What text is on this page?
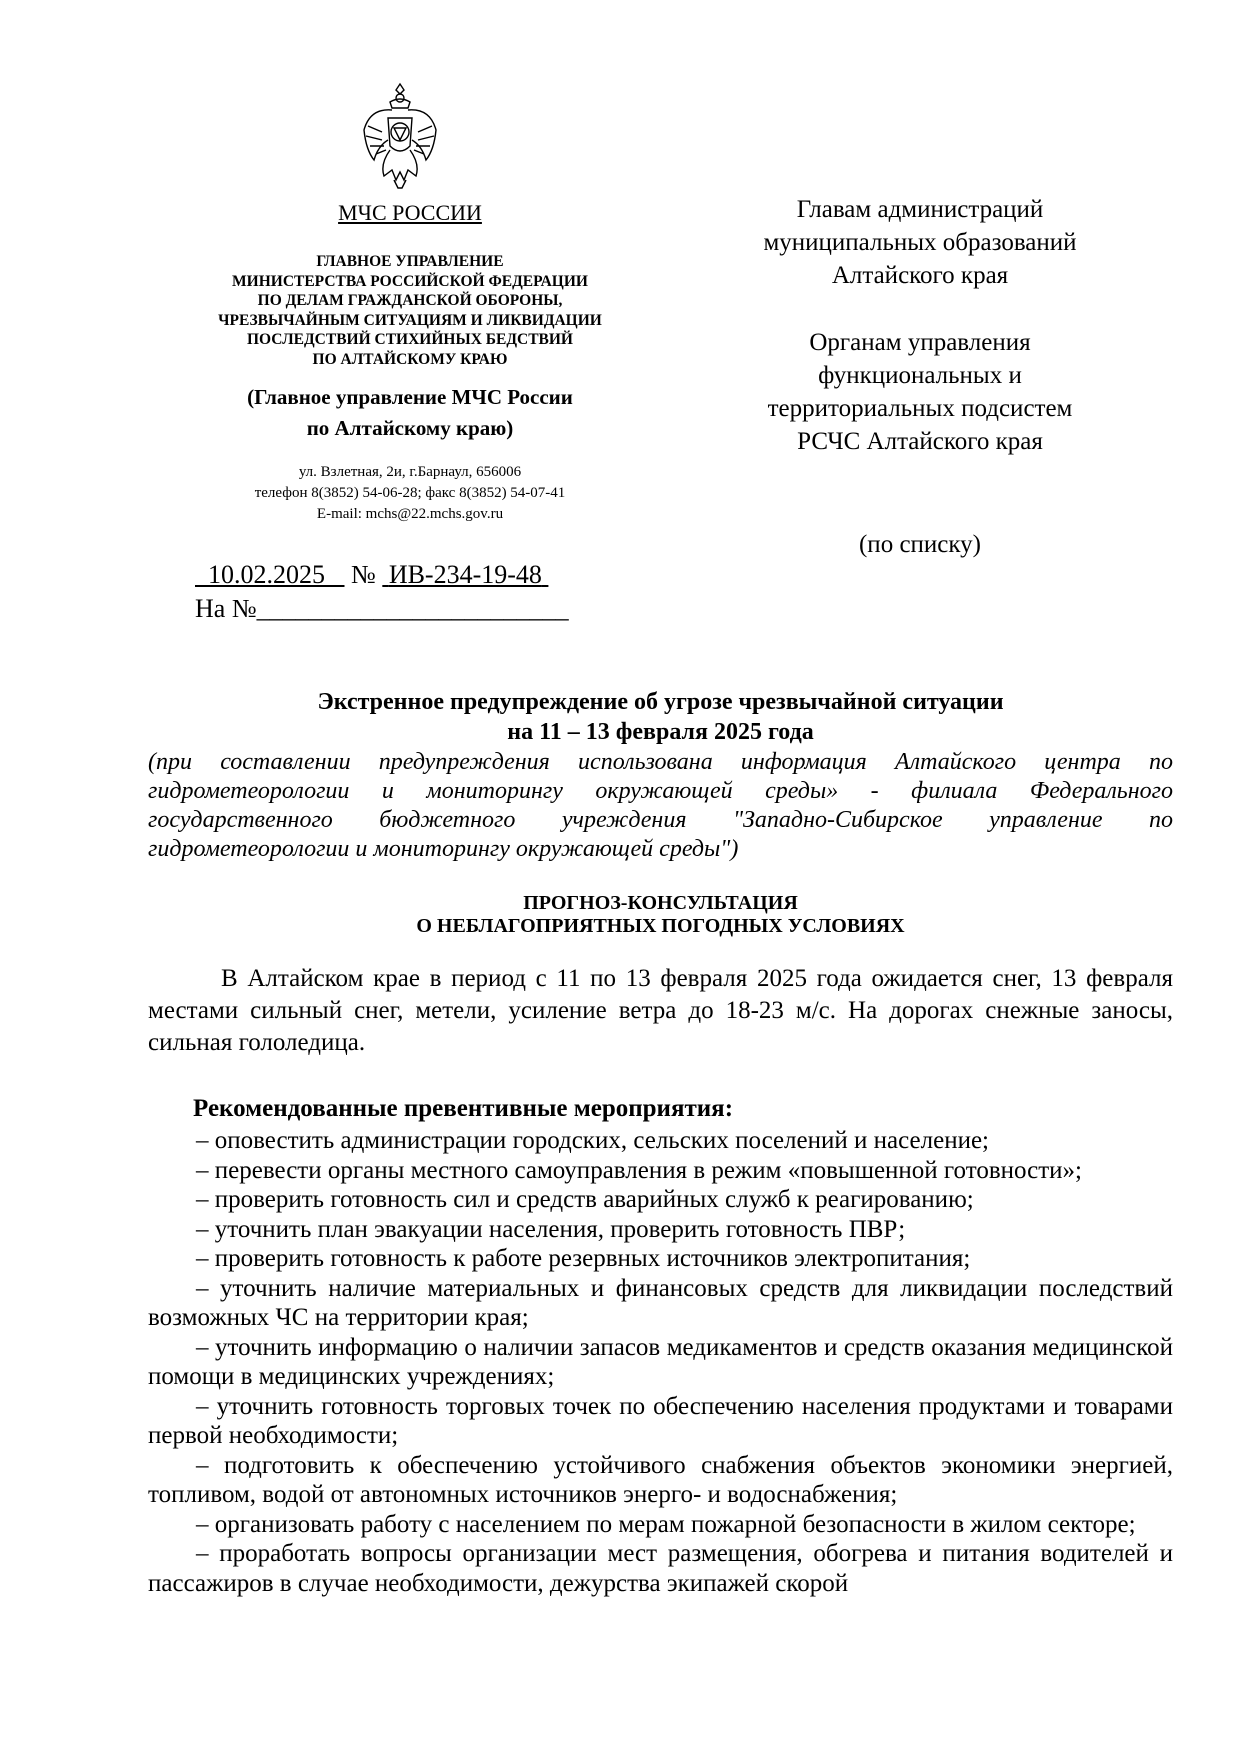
МЧС РОССИИ
ГЛАВНОЕ УПРАВЛЕНИЕ
МИНИСТЕРСТВА РОССИЙСКОЙ ФЕДЕРАЦИИ
ПО ДЕЛАМ ГРАЖДАНСКОЙ ОБОРОНЫ,
ЧРЕЗВЫЧАЙНЫМ СИТУАЦИЯМ И ЛИКВИДАЦИИ
ПОСЛЕДСТВИЙ СТИХИЙНЫХ БЕДСТВИЙ
ПО АЛТАЙСКОМУ КРАЮ
(Главное управление МЧС России
по Алтайскому краю)
ул. Взлетная, 2и, г.Барнаул, 656006
телефон 8(3852) 54-06-28; факс 8(3852) 54-07-41
E-mail: mchs@22.mchs.gov.ru
10.02.2025 № ИВ-234-19-48
На №________________________
Главам администраций
муниципальных образований
Алтайского края
Органам управления
функциональных и
территориальных подсистем
РСЧС Алтайского края
(по списку)
Экстренное предупреждение об угрозе чрезвычайной ситуации
на 11 – 13 февраля 2025 года
(при составлении предупреждения использована информация Алтайского центра по гидрометеорологии и мониторингу окружающей среды» - филиала Федерального государственного бюджетного учреждения "Западно-Сибирское управление по гидрометеорологии и мониторингу окружающей среды")
ПРОГНОЗ-КОНСУЛЬТАЦИЯ
О НЕБЛАГОПРИЯТНЫХ ПОГОДНЫХ УСЛОВИЯХ

В Алтайском крае в период с 11 по 13 февраля 2025 года ожидается снег, 13 февраля местами сильный снег, метели, усиление ветра до 18-23 м/с. На дорогах снежные заносы, сильная гололедица.

Рекомендованные превентивные мероприятия:
– оповестить администрации городских, сельских поселений и население;
– перевести органы местного самоуправления в режим «повышенной готовности»;
– проверить готовность сил и средств аварийных служб к реагированию;
– уточнить план эвакуации населения, проверить готовность ПВР;
– проверить готовность к работе резервных источников электропитания;
– уточнить наличие материальных и финансовых средств для ликвидации последствий возможных ЧС на территории края;
– уточнить информацию о наличии запасов медикаментов и средств оказания медицинской помощи в медицинских учреждениях;
– уточнить готовность торговых точек по обеспечению населения продуктами и товарами первой необходимости;
– подготовить к обеспечению устойчивого снабжения объектов экономики энергией, топливом, водой от автономных источников энерго- и водоснабжения;
– организовать работу с населением по мерам пожарной безопасности в жилом секторе;
– проработать вопросы организации мест размещения, обогрева и питания водителей и пассажиров в случае необходимости, дежурства экипажей скорой
